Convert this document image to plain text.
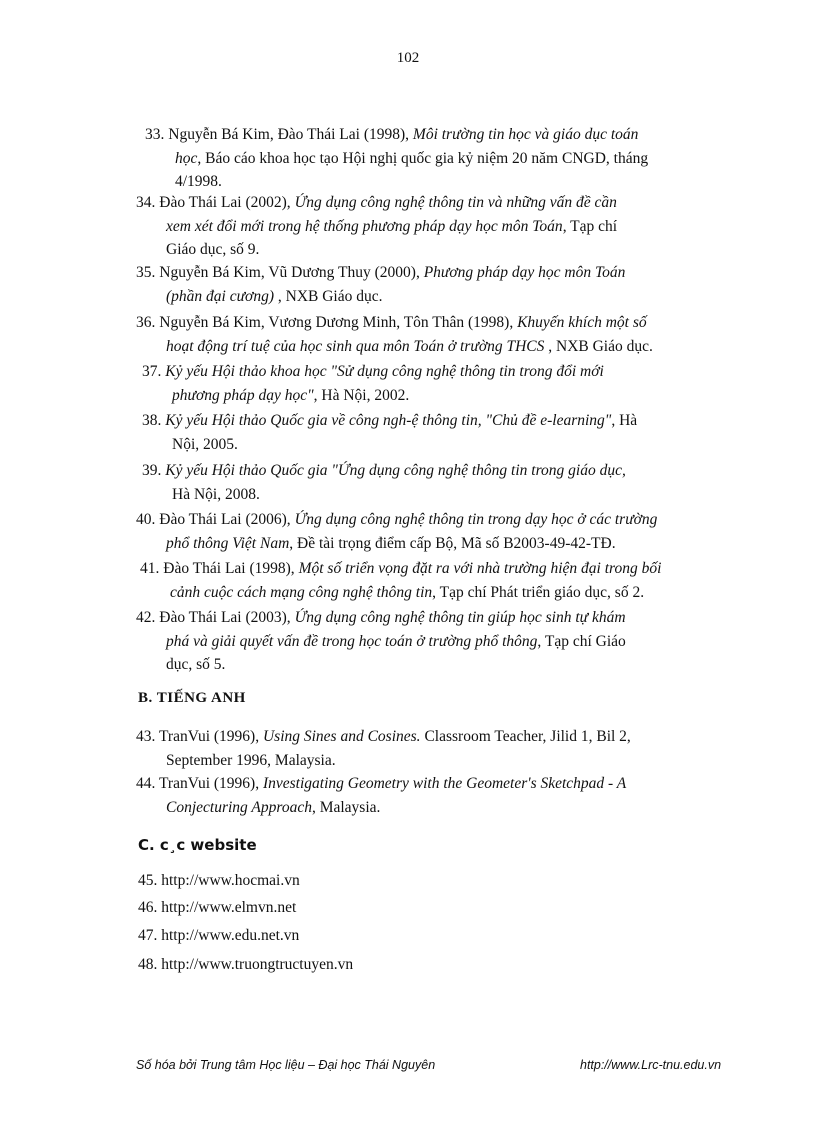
102
33. Nguyễn Bá Kim, Đào Thái Lai (1998), Môi trường tin học và giáo dục toán
học, Báo cáo khoa học tạo Hội nghị quốc gia kỷ niệm 20 năm CNGD, tháng
4/1998.
34. Đào Thái Lai (2002), Ứng dụng công nghệ thông tin và những vấn đề cần
xem xét đổi mới trong hệ thống phương pháp dạy học môn Toán, Tạp chí
Giáo dục, số 9.
35. Nguyễn Bá Kim, Vũ Dương Thuy (2000), Phương pháp dạy học môn Toán
(phần đại cương) , NXB Giáo dục.
36. Nguyễn Bá Kim, Vương Dương Minh, Tôn Thân (1998), Khuyến khích một số
hoạt động trí tuệ của học sinh qua môn Toán ở trường THCS , NXB Giáo dục.
37. Kỷ yếu Hội thảo khoa học "Sử dụng công nghệ thông tin trong đổi mới
phương pháp dạy học", Hà Nội, 2002.
38. Kỷ yếu Hội thảo Quốc gia về công ngh-ệ thông tin, "Chủ đề e-learning", Hà
Nội, 2005.
39. Kỷ yếu Hội thảo Quốc gia "Ứng dụng công nghệ thông tin trong giáo dục,
Hà Nội, 2008.
40. Đào Thái Lai (2006), Ứng dụng công nghệ thông tin trong dạy học ở các trường
phổ thông Việt Nam, Đề tài trọng điểm cấp Bộ, Mã số B2003-49-42-TĐ.
41. Đào Thái Lai (1998), Một số triển vọng đặt ra với nhà trường hiện đại trong bối
cảnh cuộc cách mạng công nghệ thông tin, Tạp chí Phát triển giáo dục, số 2.
42. Đào Thái Lai (2003), Ứng dụng công nghệ thông tin giúp học sinh tự khám
phá và giải quyết vấn đề trong học toán ở trường phổ thông, Tạp chí Giáo
dục, số 5.
43. TranVui (1996), Using Sines and Cosines. Classroom Teacher, Jilid 1, Bil 2,
September 1996, Malaysia.
44. TranVui (1996), Investigating Geometry with the Geometer's Sketchpad - A
Conjecturing Approach, Malaysia.
B. TIẾNG ANH
C. c¸c website
45. http://www.hocmai.vn
46. http://www.elmvn.net
47. http://www.edu.net.vn
48. http://www.truongtructuyen.vn
Số hóa bởi Trung tâm Học liệu – Đại học Thái Nguyên	http://www.Lrc-tnu.edu.vn
